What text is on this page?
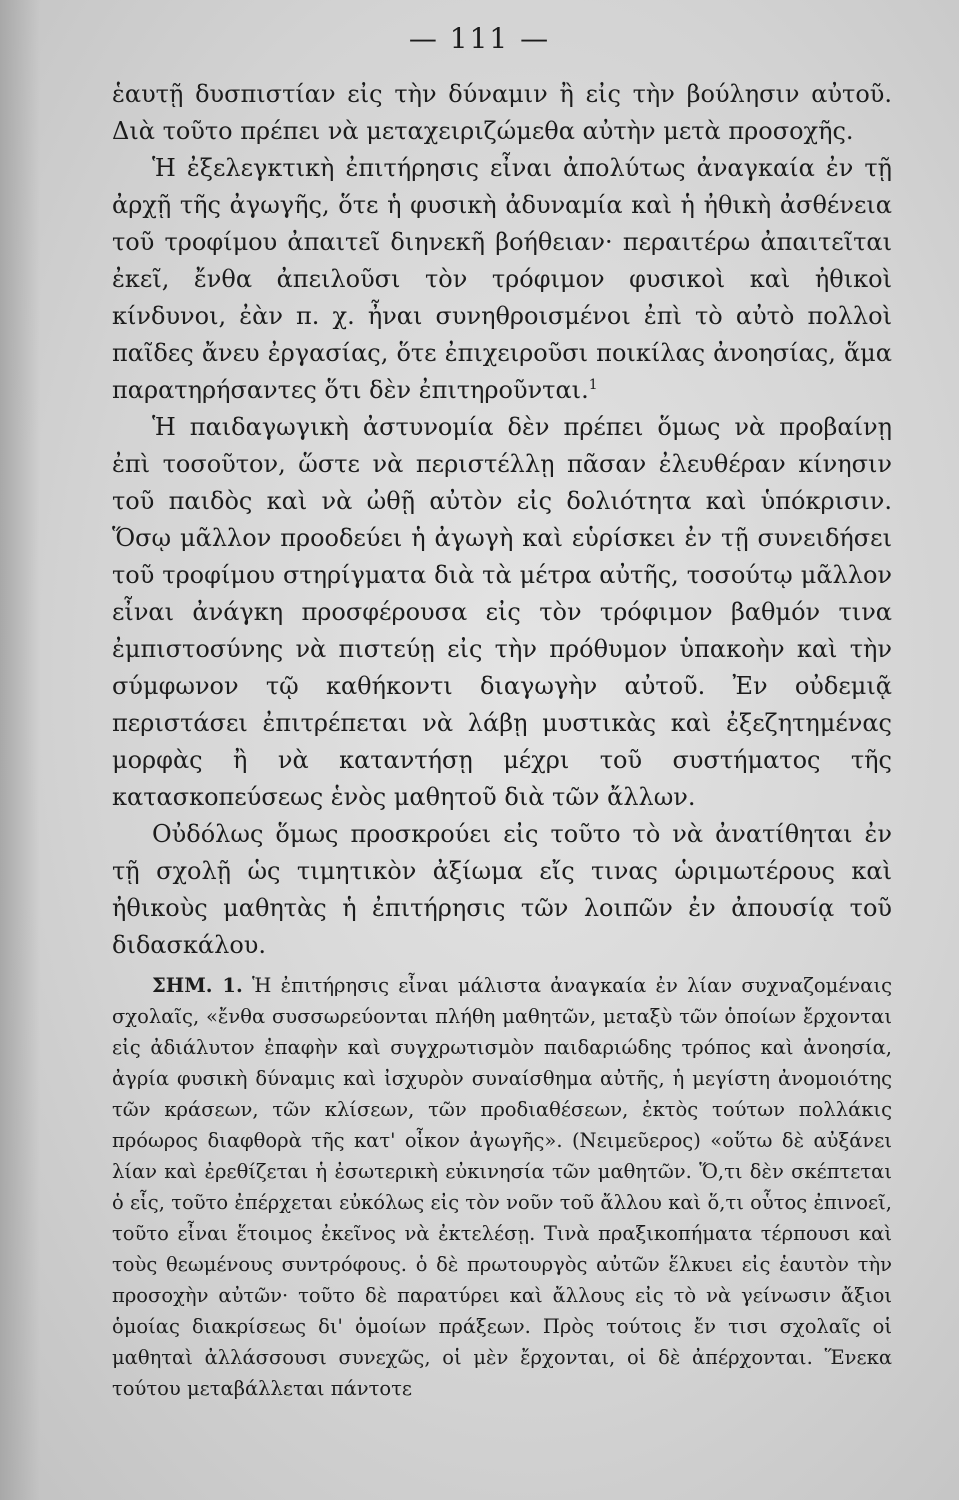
— 111 —

ἑαυτῇ δυσπιστίαν εἰς τὴν δύναμιν ἢ εἰς τὴν βούλησιν αὐτοῦ. Διὰ τοῦτο πρέπει νὰ μεταχειριζώμεθα αὐτὴν μετὰ προσοχῆς.

Ἡ ἐξελεγκτικὴ ἐπιτήρησις εἶναι ἀπολύτως ἀναγκαία ἐν τῇ ἀρχῇ τῆς ἀγωγῆς, ὅτε ἡ φυσικὴ ἀδυναμία καὶ ἡ ἠθικὴ ἀσθένεια τοῦ τροφίμου ἀπαιτεῖ διηνεκῆ βοήθειαν· περαιτέρω ἀπαιτεῖται ἐκεῖ, ἔνθα ἀπειλοῦσι τὸν τρόφιμον φυσικοὶ καὶ ἠθικοὶ κίνδυνοι, ἐὰν π. χ. ἦναι συνηθροισμένοι ἐπὶ τὸ αὐτὸ πολλοὶ παῖδες ἄνευ ἐργασίας, ὅτε ἐπιχειροῦσι ποικίλας ἀνοησίας, ἅμα παρατηρήσαντες ὅτι δὲν ἐπιτηροῦνται.$^1$

Ἡ παιδαγωγικὴ ἀστυνομία δὲν πρέπει ὅμως νὰ προβαίνῃ ἐπὶ τοσοῦτον, ὥστε νὰ περιστέλλῃ πᾶσαν ἐλευθέραν κίνησιν τοῦ παιδὸς καὶ νὰ ὠθῇ αὐτὸν εἰς δολιότητα καὶ ὑπόκρισιν. Ὅσῳ μᾶλλον προοδεύει ἡ ἀγωγὴ καὶ εὑρίσκει ἐν τῇ συνειδήσει τοῦ τροφίμου στηρίγματα διὰ τὰ μέτρα αὐτῆς, τοσούτῳ μᾶλλον εἶναι ἀνάγκη προσφέρουσα εἰς τὸν τρόφιμον βαθμόν τινα ἐμπιστοσύνης νὰ πιστεύῃ εἰς τὴν πρόθυμον ὑπακοὴν καὶ τὴν σύμφωνον τῷ καθήκοντι διαγωγὴν αὐτοῦ. Ἐν οὐδεμιᾷ περιστάσει ἐπιτρέπεται νὰ λάβῃ μυστικὰς καὶ ἐξεζητημένας μορφὰς ἢ νὰ καταντήσῃ μέχρι τοῦ συστήματος τῆς κατασκοπεύσεως ἑνὸς μαθητοῦ διὰ τῶν ἄλλων.

Οὐδόλως ὅμως προσκρούει εἰς τοῦτο τὸ νὰ ἀνατίθηται ἐν τῇ σχολῇ ὡς τιμητικὸν ἀξίωμα εἴς τινας ὡριμωτέρους καὶ ἠθικοὺς μαθητὰς ἡ ἐπιτήρησις τῶν λοιπῶν ἐν ἀπουσίᾳ τοῦ διδασκάλου.

ΣΗΜ. 1. Ἡ ἐπιτήρησις εἶναι μάλιστα ἀναγκαία ἐν λίαν συχναζομέναις σχολαῖς, «ἔνθα συσσωρεύονται πλήθη μαθητῶν, μεταξὺ τῶν ὁποίων ἔρχονται εἰς ἀδιάλυτον ἐπαφὴν καὶ συγχρωτισμὸν παιδαριώδης τρόπος καὶ ἀνοησία, ἀγρία φυσικὴ δύναμις καὶ ἰσχυρὸν συναίσθημα αὐτῆς, ἡ μεγίστη ἀνομοιότης τῶν κράσεων, τῶν κλίσεων, τῶν προδιαθέσεων, ἐκτὸς τούτων πολλάκις πρόωρος διαφθορὰ τῆς κατ' οἶκον ἀγωγῆς». (Νειμεῦερος) «οὕτω δὲ αὐξάνει λίαν καὶ ἐρεθίζεται ἡ ἐσωτερικὴ εὐκινησία τῶν μαθητῶν. Ὅ,τι δὲν σκέπτεται ὁ εἷς, τοῦτο ἐπέρχεται εὐκόλως εἰς τὸν νοῦν τοῦ ἄλλου καὶ ὅ,τι οὗτος ἐπινοεῖ, τοῦτο εἶναι ἕτοιμος ἐκεῖνος νὰ ἐκτελέσῃ. Τινὰ πραξικοπήματα τέρπουσι καὶ τοὺς θεωμένους συντρόφους. ὁ δὲ πρωτουργὸς αὐτῶν ἕλκυει εἰς ἑαυτὸν τὴν προσοχὴν αὐτῶν· τοῦτο δὲ παρατύρει καὶ ἄλλους εἰς τὸ νὰ γείνωσιν ἄξιοι ὁμοίας διακρίσεως δι' ὁμοίων πράξεων. Πρὸς τούτοις ἔν τισι σχολαῖς οἱ μαθηταὶ ἀλλάσσουσι συνεχῶς, οἱ μὲν ἔρχονται, οἱ δὲ ἀπέρχονται. Ἕνεκα τούτου μεταβάλλεται πάντοτε
